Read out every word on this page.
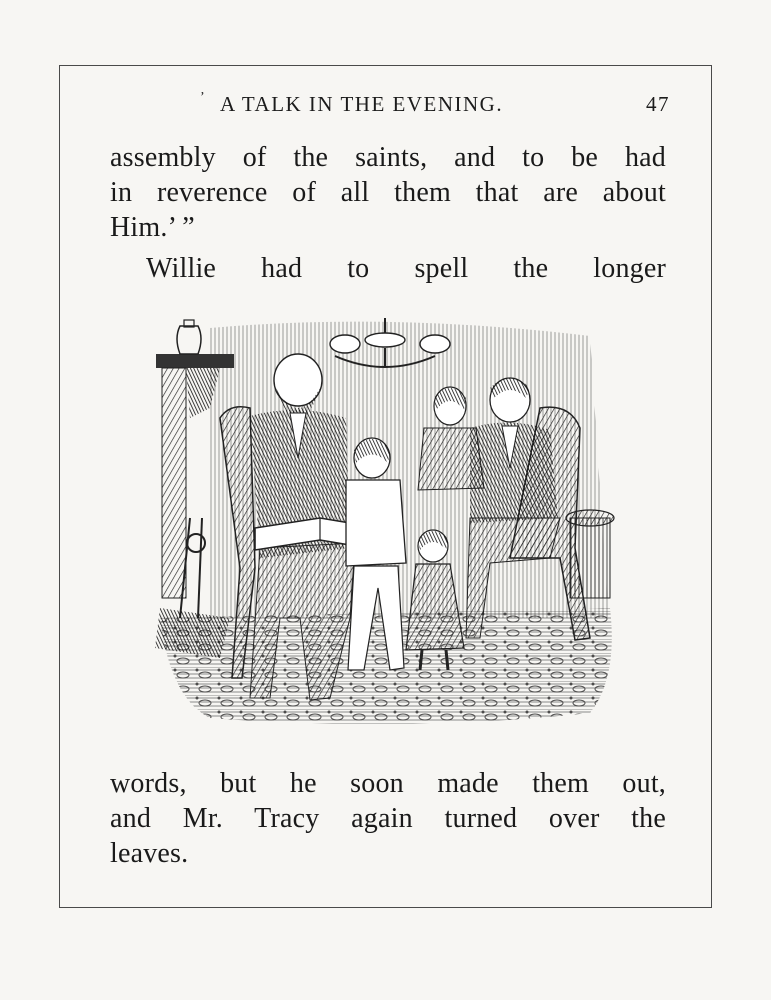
’ A TALK IN THE EVENING.	47
assembly of the saints, and to be had
in reverence of all them that are about
Him.’ ”
Willie had to spell the longer
words, but he soon made them out,
and Mr. Tracy again turned over the
leaves.
